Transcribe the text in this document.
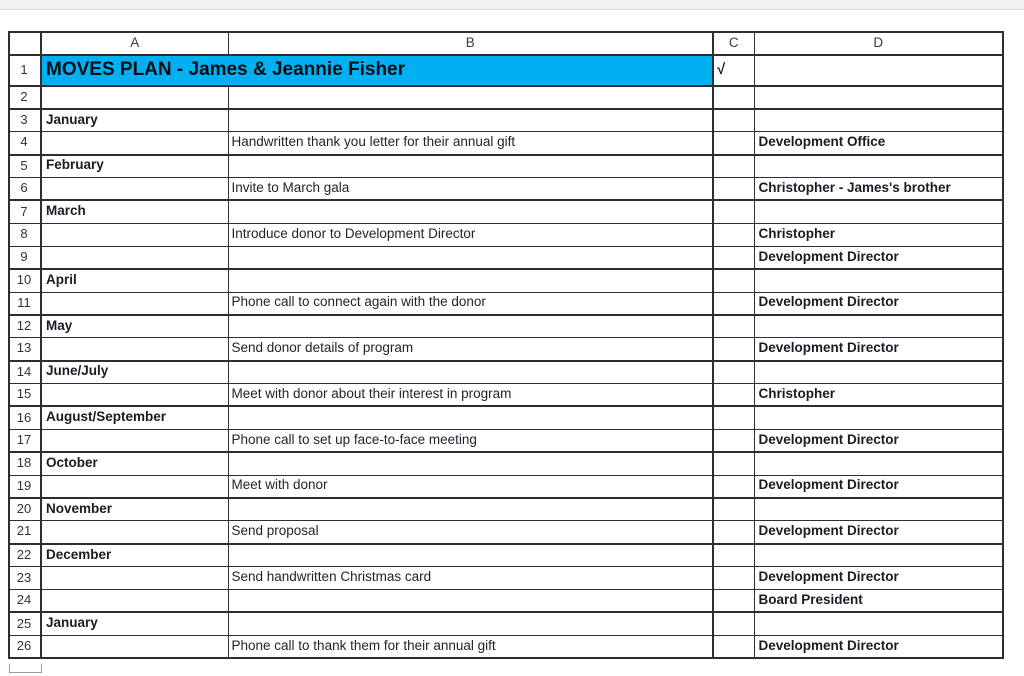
	A	B	C	D
1	MOVES PLAN - James & Jeannie Fisher		√	
2				
3	January			
4		Handwritten thank you letter for their annual gift		Development Office
5	February			
6		Invite to March gala		Christopher - James's brother
7	March			
8		Introduce donor to Development Director		Christopher
9				Development Director
10	April			
11		Phone call to connect again with the donor		Development Director
12	May			
13		Send donor details of program		Development Director
14	June/July			
15		Meet with donor about their interest in program		Christopher
16	August/September			
17		Phone call to set up face-to-face meeting		Development Director
18	October			
19		Meet with donor		Development Director
20	November			
21		Send proposal		Development Director
22	December			
23		Send handwritten Christmas card		Development Director
24				Board President
25	January			
26		Phone call to thank them for their annual gift		Development Director
